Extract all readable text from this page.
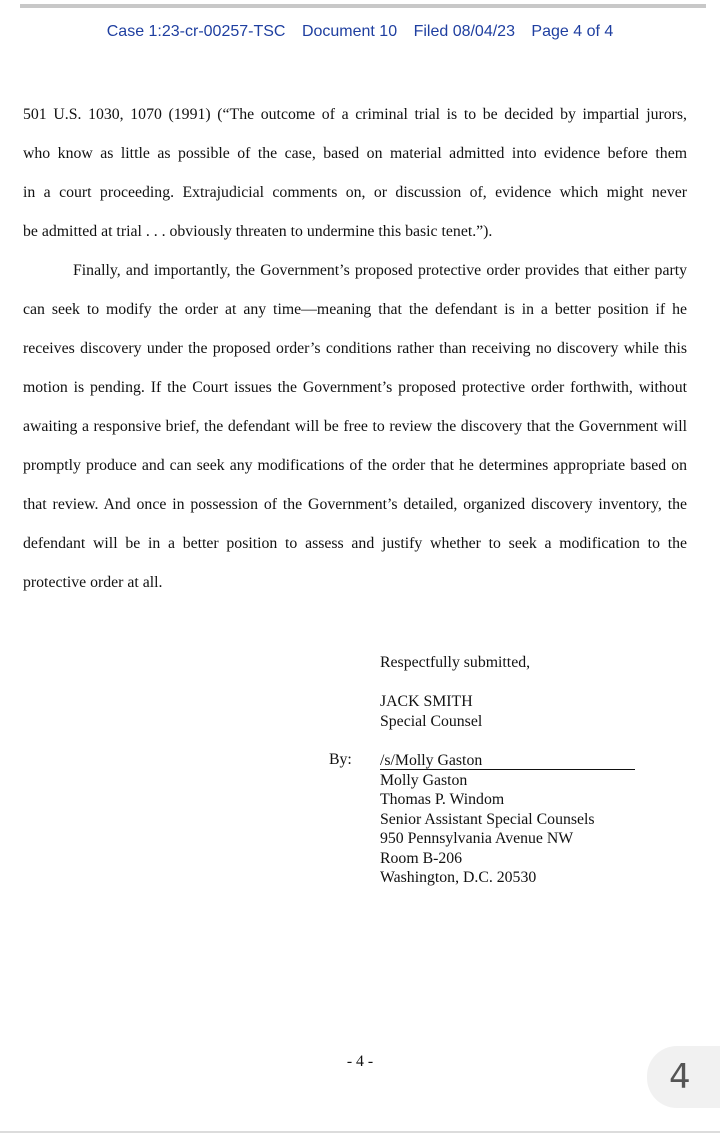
Case 1:23-cr-00257-TSC Document 10 Filed 08/04/23 Page 4 of 4
501 U.S. 1030, 1070 (1991) (“The outcome of a criminal trial is to be decided by impartial jurors,
who know as little as possible of the case, based on material admitted into evidence before them
in a court proceeding. Extrajudicial comments on, or discussion of, evidence which might never
be admitted at trial . . . obviously threaten to undermine this basic tenet.”).

Finally, and importantly, the Government’s proposed protective order provides that either party can seek to modify the order at any time—meaning that the defendant is in a better position if he receives discovery under the proposed order’s conditions rather than receiving no discovery while this motion is pending. If the Court issues the Government’s proposed protective order forthwith, without awaiting a responsive brief, the defendant will be free to review the discovery that the Government will promptly produce and can seek any modifications of the order that he determines appropriate based on that review. And once in possession of the Government’s detailed, organized discovery inventory, the defendant will be in a better position to assess and justify whether to seek a modification to the protective order at all.

Respectfully submitted,
JACK SMITH
Special Counsel
By: /s/Molly Gaston
Molly Gaston
Thomas P. Windom
Senior Assistant Special Counsels
950 Pennsylvania Avenue NW
Room B-206
Washington, D.C. 20530
- 4 -	4
